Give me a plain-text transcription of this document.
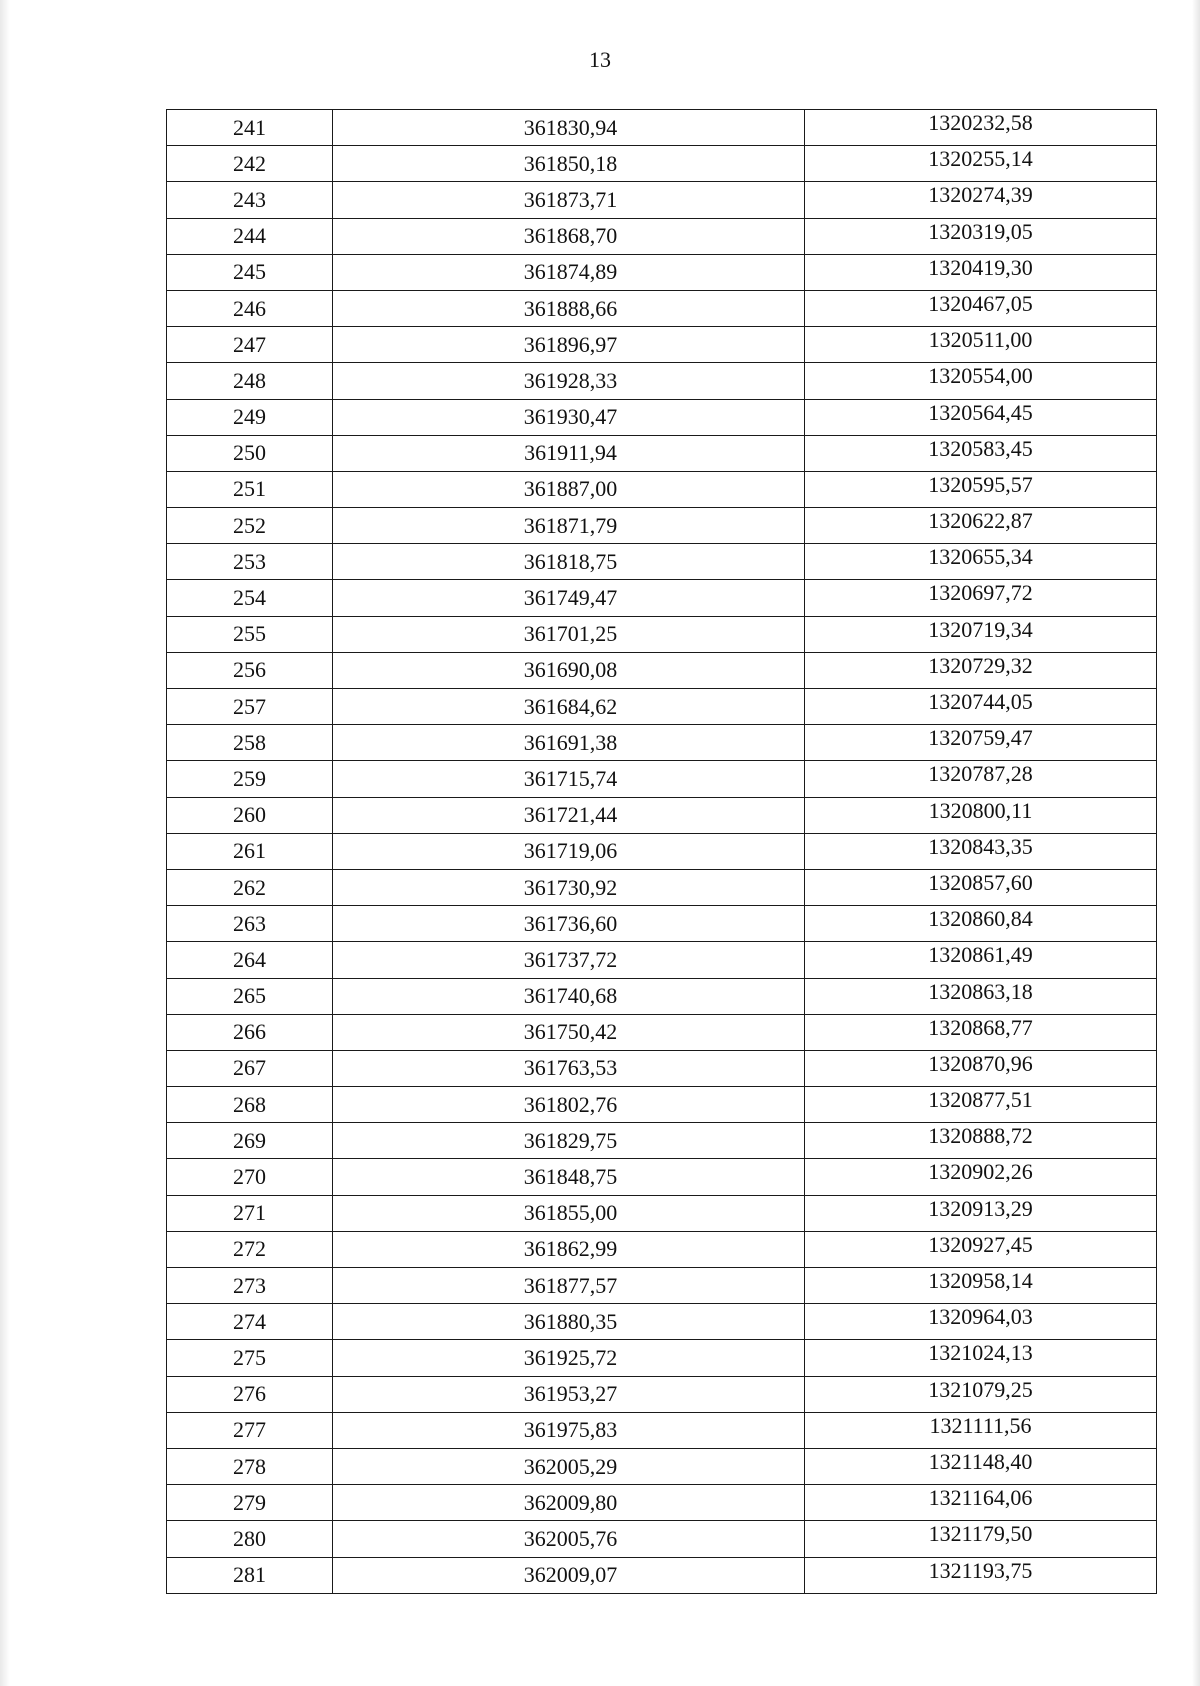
13
241	361830,94	1320232,58
242	361850,18	1320255,14
243	361873,71	1320274,39
244	361868,70	1320319,05
245	361874,89	1320419,30
246	361888,66	1320467,05
247	361896,97	1320511,00
248	361928,33	1320554,00
249	361930,47	1320564,45
250	361911,94	1320583,45
251	361887,00	1320595,57
252	361871,79	1320622,87
253	361818,75	1320655,34
254	361749,47	1320697,72
255	361701,25	1320719,34
256	361690,08	1320729,32
257	361684,62	1320744,05
258	361691,38	1320759,47
259	361715,74	1320787,28
260	361721,44	1320800,11
261	361719,06	1320843,35
262	361730,92	1320857,60
263	361736,60	1320860,84
264	361737,72	1320861,49
265	361740,68	1320863,18
266	361750,42	1320868,77
267	361763,53	1320870,96
268	361802,76	1320877,51
269	361829,75	1320888,72
270	361848,75	1320902,26
271	361855,00	1320913,29
272	361862,99	1320927,45
273	361877,57	1320958,14
274	361880,35	1320964,03
275	361925,72	1321024,13
276	361953,27	1321079,25
277	361975,83	1321111,56
278	362005,29	1321148,40
279	362009,80	1321164,06
280	362005,76	1321179,50
281	362009,07	1321193,75
